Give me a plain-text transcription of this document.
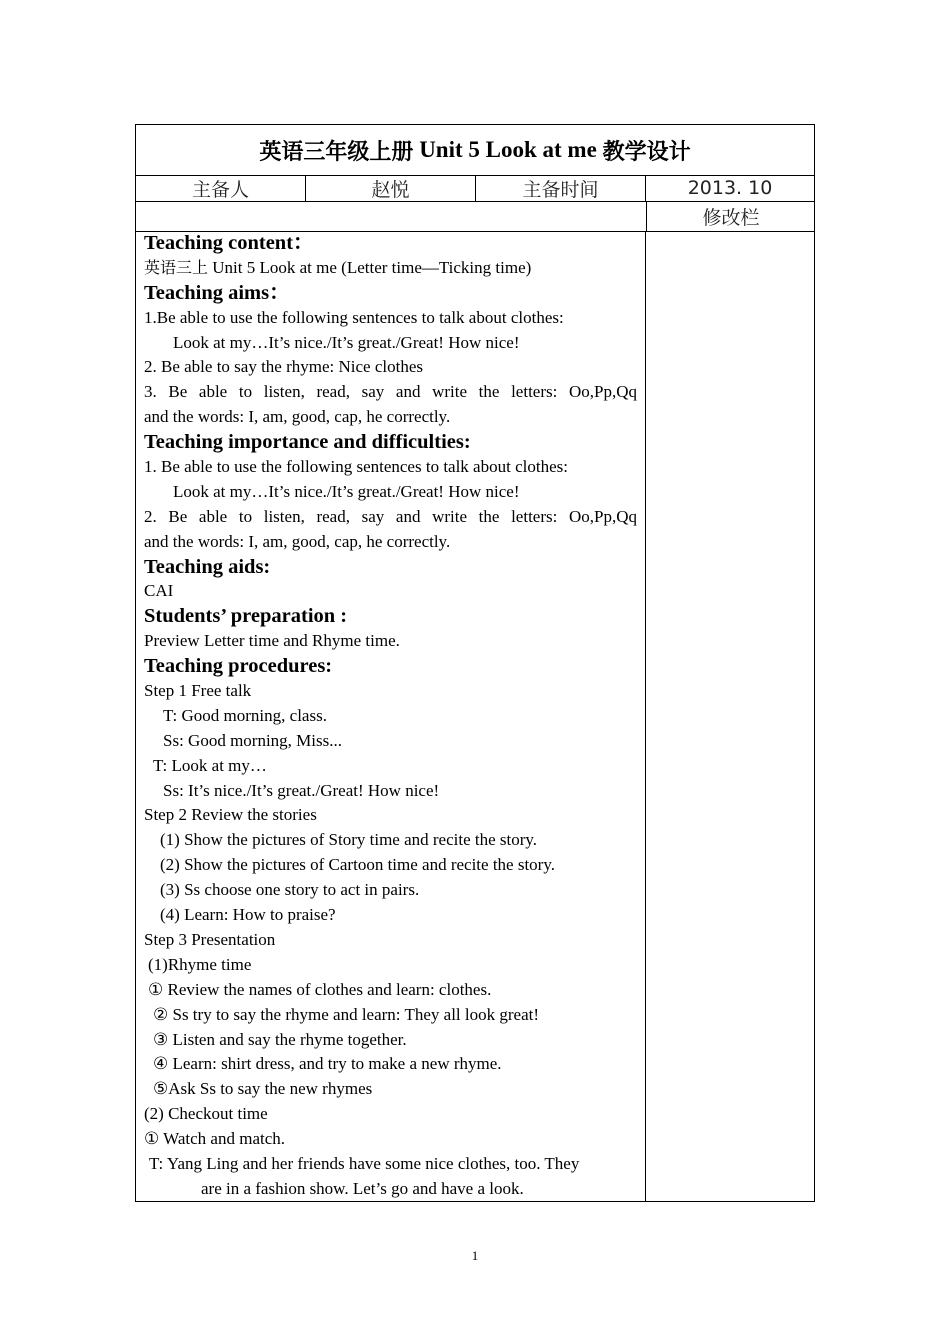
英语三年级上册 Unit 5 Look at me 教学设计
主备人	赵悦	主备时间	2013. 10
修改栏
Teaching content：
英语三上 Unit 5 Look at me (Letter time—Ticking time)
Teaching aims：
1.Be able to use the following sentences to talk about clothes:
Look at my…It’s nice./It’s great./Great! How nice!
2. Be able to say the rhyme: Nice clothes
3. Be able to listen, read, say and write the letters: Oo,Pp,Qq
and the words: I, am, good, cap, he correctly.
Teaching importance and difficulties:
1. Be able to use the following sentences to talk about clothes:
Look at my…It’s nice./It’s great./Great! How nice!
2. Be able to listen, read, say and write the letters: Oo,Pp,Qq
and the words: I, am, good, cap, he correctly.
Teaching aids:
CAI
Students’ preparation :
Preview Letter time and Rhyme time.
Teaching procedures:
Step 1 Free talk
T: Good morning, class.
Ss: Good morning, Miss...
T: Look at my…
Ss: It’s nice./It’s great./Great! How nice!
Step 2 Review the stories
(1) Show the pictures of Story time and recite the story.
(2) Show the pictures of Cartoon time and recite the story.
(3) Ss choose one story to act in pairs.
(4) Learn: How to praise?
Step 3 Presentation
(1)Rhyme time
① Review the names of clothes and learn: clothes.
② Ss try to say the rhyme and learn: They all look great!
③ Listen and say the rhyme together.
④ Learn: shirt dress, and try to make a new rhyme.
⑤Ask Ss to say the new rhymes
(2) Checkout time
① Watch and match.
T: Yang Ling and her friends have some nice clothes, too. They
are in a fashion show. Let’s go and have a look.
1
